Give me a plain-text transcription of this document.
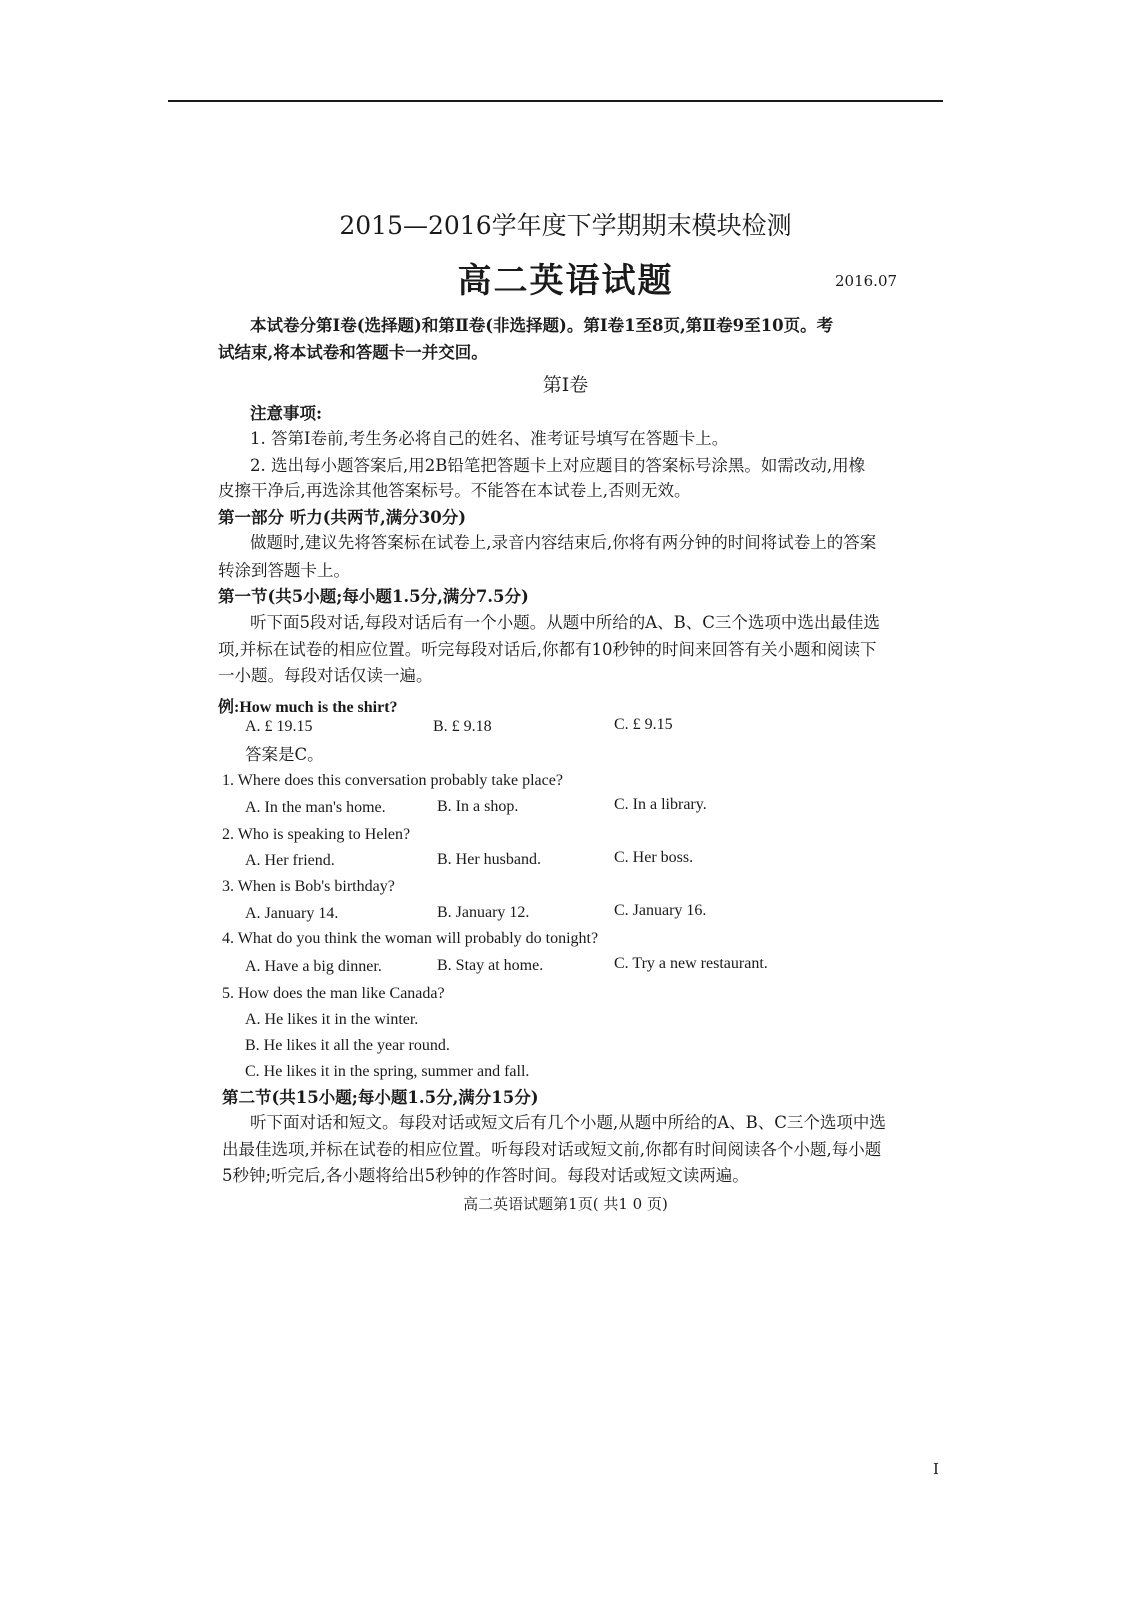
2015—2016学年度下学期期末模块检测
高二英语试题	2016.07
本试卷分第Ⅰ卷(选择题)和第Ⅱ卷(非选择题)。第Ⅰ卷1至8页,第Ⅱ卷9至10页。考
试结束,将本试卷和答题卡一并交回。
第Ⅰ卷
注意事项:
1. 答第Ⅰ卷前,考生务必将自己的姓名、准考证号填写在答题卡上。
2. 选出每小题答案后,用2B铅笔把答题卡上对应题目的答案标号涂黑。如需改动,用橡
皮擦干净后,再选涂其他答案标号。不能答在本试卷上,否则无效。
第一部分 听力(共两节,满分30分)
做题时,建议先将答案标在试卷上,录音内容结束后,你将有两分钟的时间将试卷上的答案
转涂到答题卡上。
第一节(共5小题;每小题1.5分,满分7.5分)
听下面5段对话,每段对话后有一个小题。从题中所给的A、B、C三个选项中选出最佳选
项,并标在试卷的相应位置。听完每段对话后,你都有10秒钟的时间来回答有关小题和阅读下
一小题。每段对话仅读一遍。
例:How much is the shirt?
A. £ 19.15	B. £ 9.18	C. £ 9.15
答案是C。
1. Where does this conversation probably take place?
A. In the man's home.	B. In a shop.	C. In a library.
2. Who is speaking to Helen?
A. Her friend.	B. Her husband.	C. Her boss.
3. When is Bob's birthday?
A. January 14.	B. January 12.	C. January 16.
4. What do you think the woman will probably do tonight?
A. Have a big dinner.	B. Stay at home.	C. Try a new restaurant.
5. How does the man like Canada?
A. He likes it in the winter.
B. He likes it all the year round.
C. He likes it in the spring, summer and fall.
第二节(共15小题;每小题1.5分,满分15分)
听下面对话和短文。每段对话或短文后有几个小题,从题中所给的A、B、C三个选项中选
出最佳选项,并标在试卷的相应位置。听每段对话或短文前,你都有时间阅读各个小题,每小题
5秒钟;听完后,各小题将给出5秒钟的作答时间。每段对话或短文读两遍。
高二英语试题第1页( 共1 0 页)
I
